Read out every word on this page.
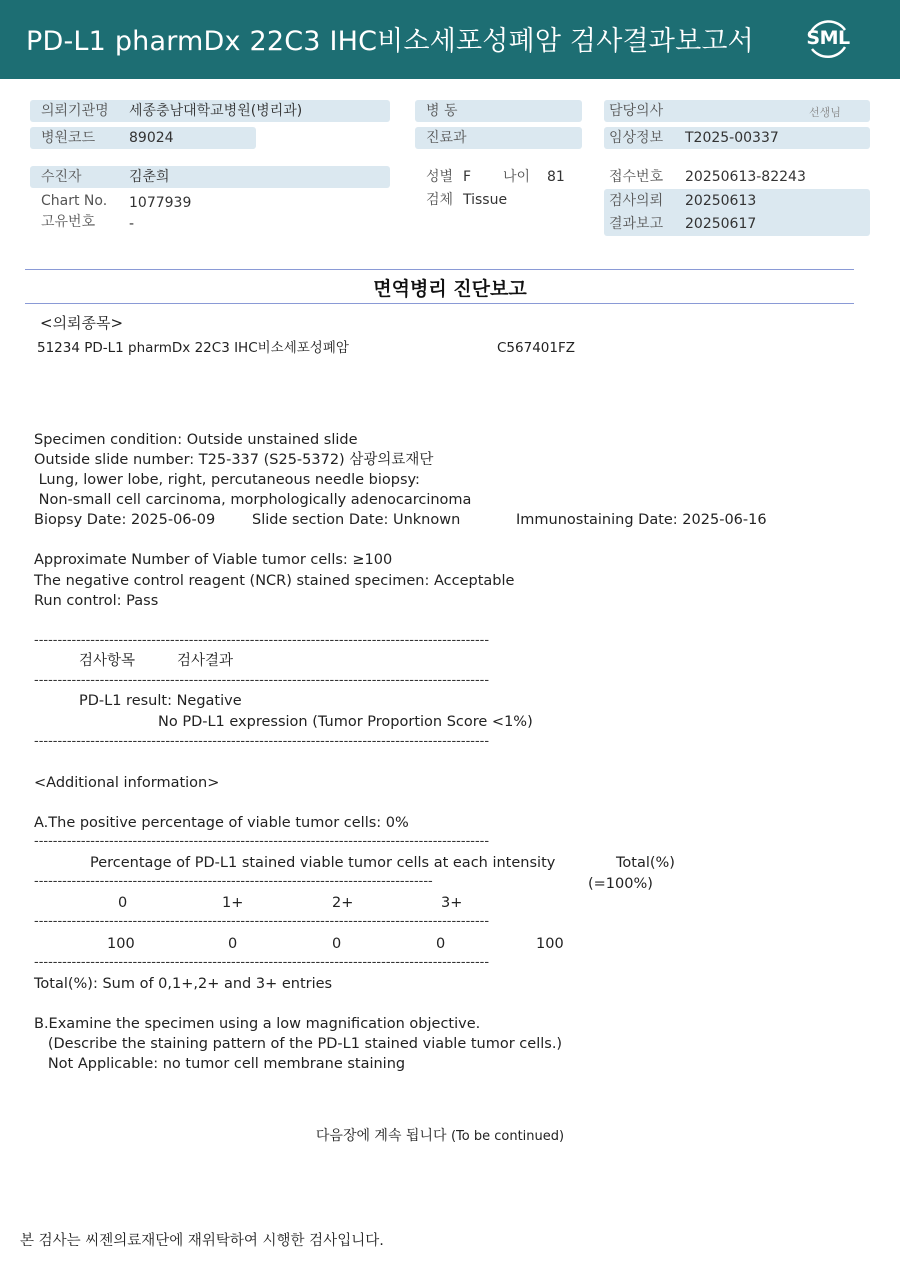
PD-L1 pharmDx 22C3 IHC비소세포성폐암 검사결과보고서	SML
의뢰기관명 세종충남대학교병원(병리과)
병원코드 89024
수진자	김춘희
Chart No. 1077939
고유번호 -
병 동
진료과
성별 F 나이 81
검체 Tissue
담당의사	선생님
임상정보 T2025-00337
접수번호 20250613-82243
검사의뢰 20250613
결과보고 20250617
면역병리 진단보고
<의뢰종목>
51234 PD-L1 pharmDx 22C3 IHC비소세포성폐암	C567401FZ
Specimen condition: Outside unstained slide
Outside slide number: T25-337 (S25-5372) 삼광의료재단
Lung, lower lobe, right, percutaneous needle biopsy:
Non-small cell carcinoma, morphologically adenocarcinoma
Biopsy Date: 2025-06-09	Slide section Date: Unknown	Immunostaining Date: 2025-06-16
Approximate Number of Viable tumor cells: ≥100
The negative control reagent (NCR) stained specimen: Acceptable
Run control: Pass
-------------------------------------------------------------------------------------------------
검사항목	검사결과
-------------------------------------------------------------------------------------------------
PD-L1 result: Negative
No PD-L1 expression (Tumor Proportion Score <1%)
-------------------------------------------------------------------------------------------------
<Additional information>
A.The positive percentage of viable tumor cells: 0%
-------------------------------------------------------------------------------------------------
Percentage of PD-L1 stained viable tumor cells at each intensity	Total(%)
-------------------------------------------------------------------------------------	(=100%)
0	1+	2+	3+
-------------------------------------------------------------------------------------------------
100	0	0	0	100
-------------------------------------------------------------------------------------------------
Total(%): Sum of 0,1+,2+ and 3+ entries
B.Examine the specimen using a low magnification objective.
(Describe the staining pattern of the PD-L1 stained viable tumor cells.)
Not Applicable: no tumor cell membrane staining
다음장에 계속 됩니다 (To be continued)
본 검사는 씨젠의료재단에 재위탁하여 시행한 검사입니다.
